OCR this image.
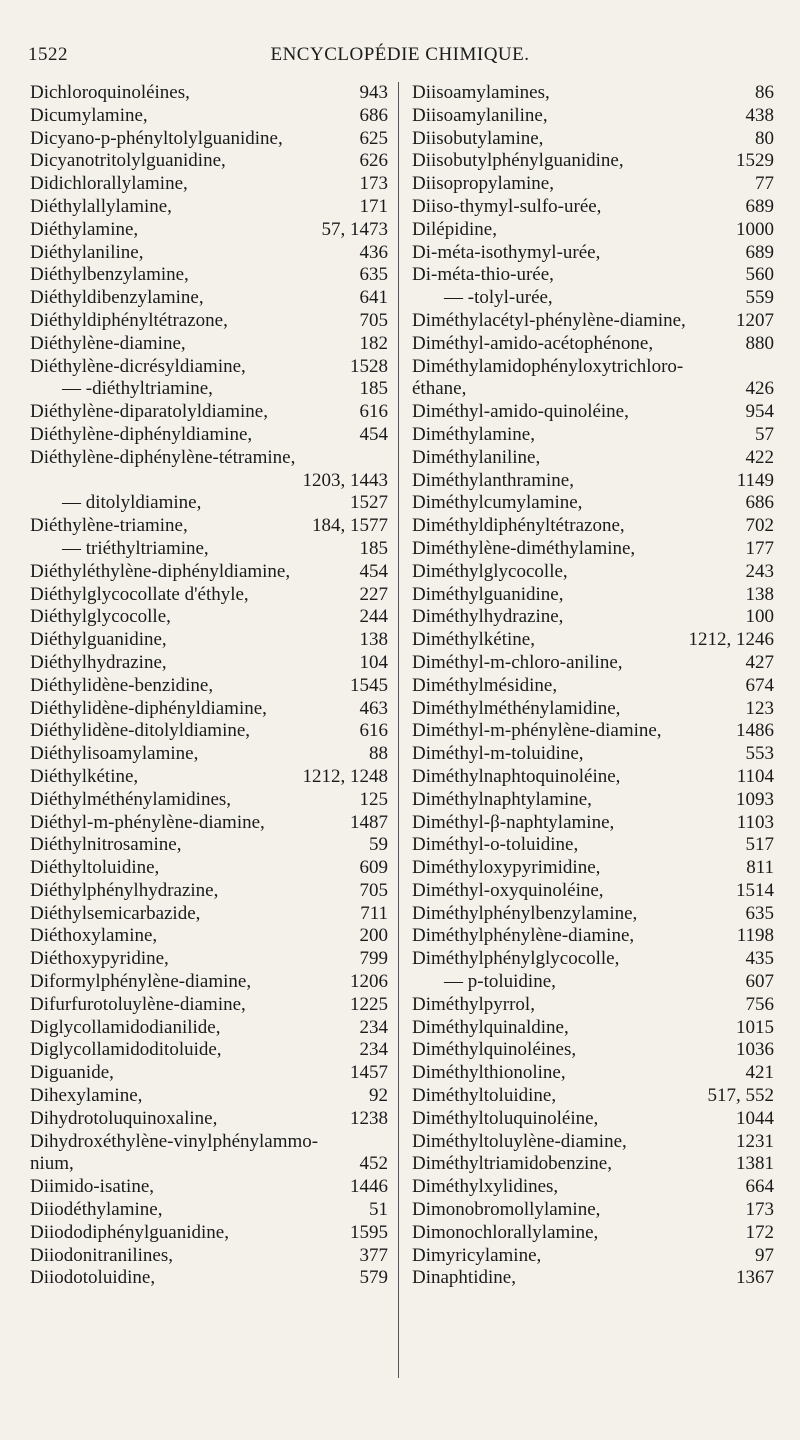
1522	ENCYCLOPÉDIE CHIMIQUE.
Dichloroquinoléines,	943
Dicumylamine,	686
Dicyano-p-phényltolylguanidine,	625
Dicyanotritolylguanidine,	626
Didichlorallylamine,	173
Diéthylallylamine,	171
Diéthylamine,	57, 1473
Diéthylaniline,	436
Diéthylbenzylamine,	635
Diéthyldibenzylamine,	641
Diéthyldiphényltétrazone,	705
Diéthylène-diamine,	182
Diéthylène-dicrésyldiamine,	1528
— -diéthyltriamine,	185
Diéthylène-diparatolyldiamine,	616
Diéthylène-diphényldiamine,	454
Diéthylène-diphénylène-tétramine,
1203, 1443
— ditolyldiamine,	1527
Diéthylène-triamine,	184, 1577
— triéthyltriamine,	185
Diéthyléthylène-diphényldiamine,	454
Diéthylglycocollate d'éthyle,	227
Diéthylglycocolle,	244
Diéthylguanidine,	138
Diéthylhydrazine,	104
Diéthylidène-benzidine,	1545
Diéthylidène-diphényldiamine,	463
Diéthylidène-ditolyldiamine,	616
Diéthylisoamylamine,	88
Diéthylkétine,	1212, 1248
Diéthylméthénylamidines,	125
Diéthyl-m-phénylène-diamine,	1487
Diéthylnitrosamine,	59
Diéthyltoluidine,	609
Diéthylphénylhydrazine,	705
Diéthylsemicarbazide,	711
Diéthoxylamine,	200
Diéthoxypyridine,	799
Diformylphénylène-diamine,	1206
Difurfurotoluylène-diamine,	1225
Diglycollamidodianilide,	234
Diglycollamidoditoluide,	234
Diguanide,	1457
Dihexylamine,	92
Dihydrotoluquinoxaline,	1238
Dihydroxéthylène-vinylphénylammo-
nium,	452
Diimido-isatine,	1446
Diiodéthylamine,	51
Diiododiphénylguanidine,	1595
Diiodonitranilines,	377
Diiodotoluidine,	579
Diisoamylamines,	86
Diisoamylaniline,	438
Diisobutylamine,	80
Diisobutylphénylguanidine,	1529
Diisopropylamine,	77
Diiso-thymyl-sulfo-urée,	689
Dilépidine,	1000
Di-méta-isothymyl-urée,	689
Di-méta-thio-urée,	560
— -tolyl-urée,	559
Diméthylacétyl-phénylène-diamine,	1207
Diméthyl-amido-acétophénone,	880
Diméthylamidophényloxytrichloro-
éthane,	426
Diméthyl-amido-quinoléine,	954
Diméthylamine,	57
Diméthylaniline,	422
Diméthylanthramine,	1149
Diméthylcumylamine,	686
Diméthyldiphényltétrazone,	702
Diméthylène-diméthylamine,	177
Diméthylglycocolle,	243
Diméthylguanidine,	138
Diméthylhydrazine,	100
Diméthylkétine,	1212, 1246
Diméthyl-m-chloro-aniline,	427
Diméthylmésidine,	674
Diméthylméthénylamidine,	123
Diméthyl-m-phénylène-diamine,	1486
Diméthyl-m-toluidine,	553
Diméthylnaphtoquinoléine,	1104
Diméthylnaphtylamine,	1093
Diméthyl-β-naphtylamine,	1103
Diméthyl-o-toluidine,	517
Diméthyloxypyrimidine,	811
Diméthyl-oxyquinoléine,	1514
Diméthylphénylbenzylamine,	635
Diméthylphénylène-diamine,	1198
Diméthylphénylglycocolle,	435
— p-toluidine,	607
Diméthylpyrrol,	756
Diméthylquinaldine,	1015
Diméthylquinoléines,	1036
Diméthylthionoline,	421
Diméthyltoluidine,	517, 552
Diméthyltoluquinoléine,	1044
Diméthyltoluylène-diamine,	1231
Diméthyltriamidobenzine,	1381
Diméthylxylidines,	664
Dimonobromollylamine,	173
Dimonochlorallylamine,	172
Dimyricylamine,	97
Dinaphtidine,	1367
